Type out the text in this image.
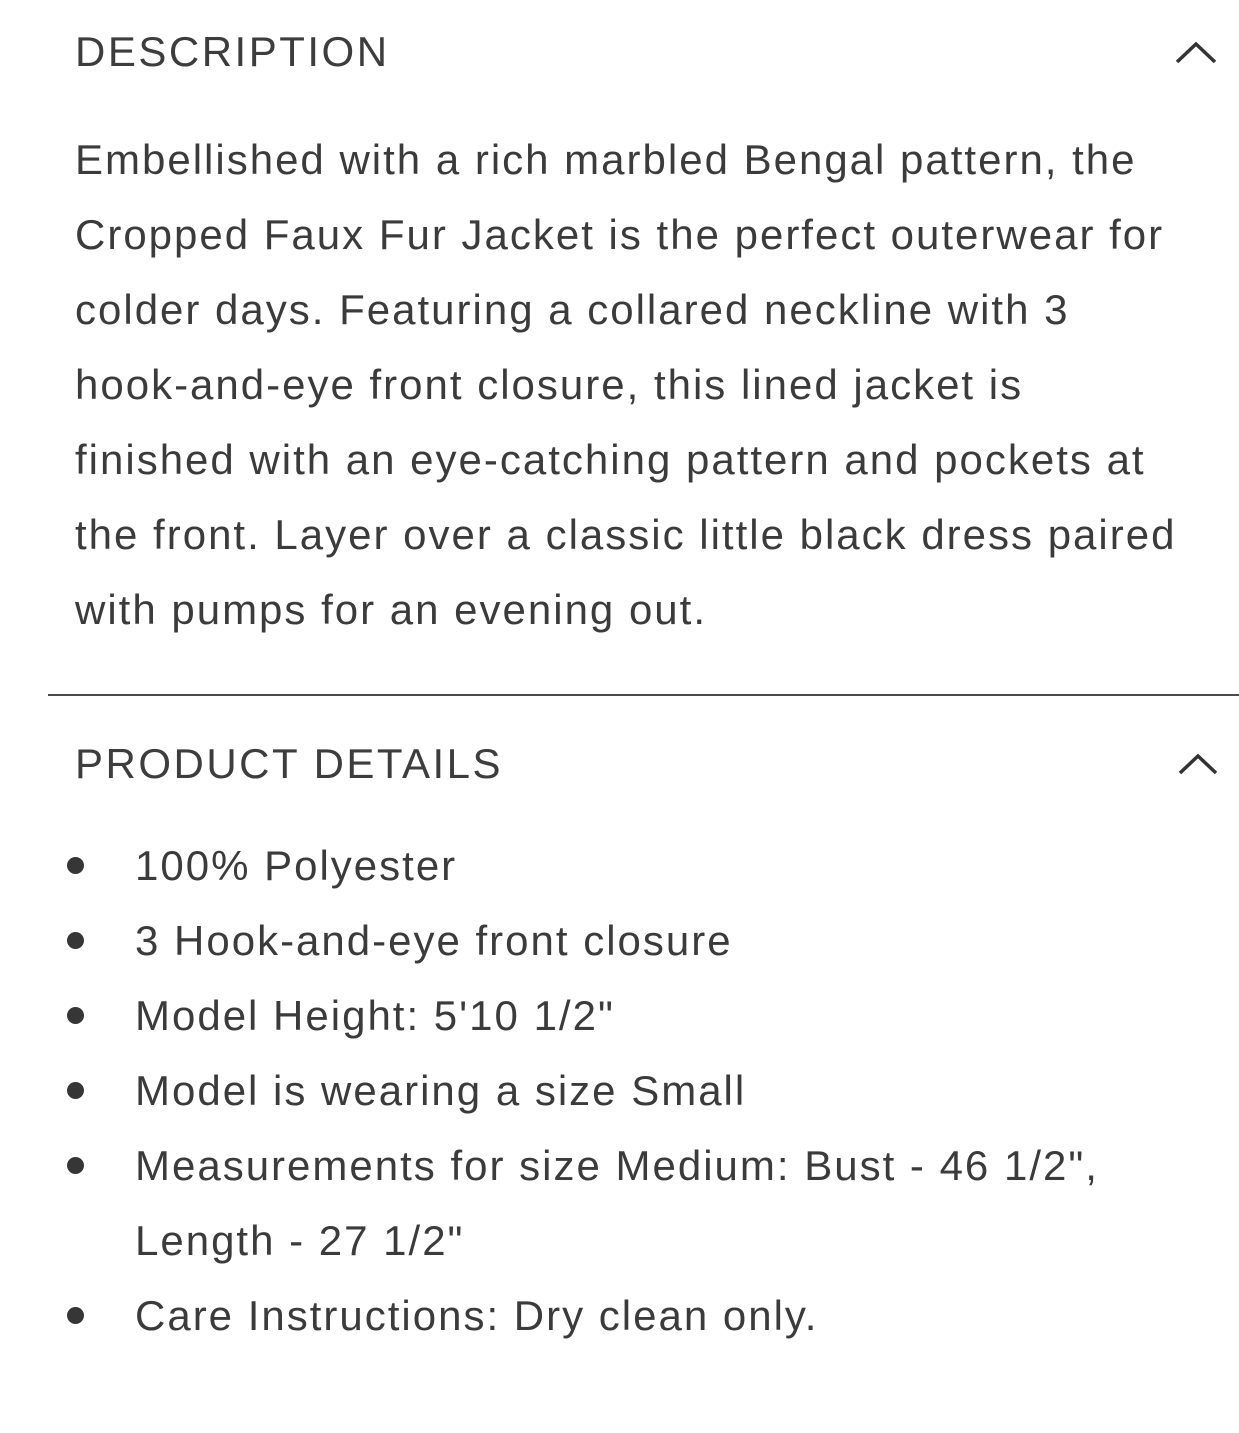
DESCRIPTION

Embellished with a rich marbled Bengal pattern, the Cropped Faux Fur Jacket is the perfect outerwear for colder days. Featuring a collared neckline with 3 hook-and-eye front closure, this lined jacket is finished with an eye-catching pattern and pockets at the front. Layer over a classic little black dress paired with pumps for an evening out.

PRODUCT DETAILS
100% Polyester
3 Hook-and-eye front closure
Model Height: 5'10 1/2"
Model is wearing a size Small
Measurements for size Medium: Bust - 46 1/2", Length - 27 1/2"
Care Instructions: Dry clean only.
